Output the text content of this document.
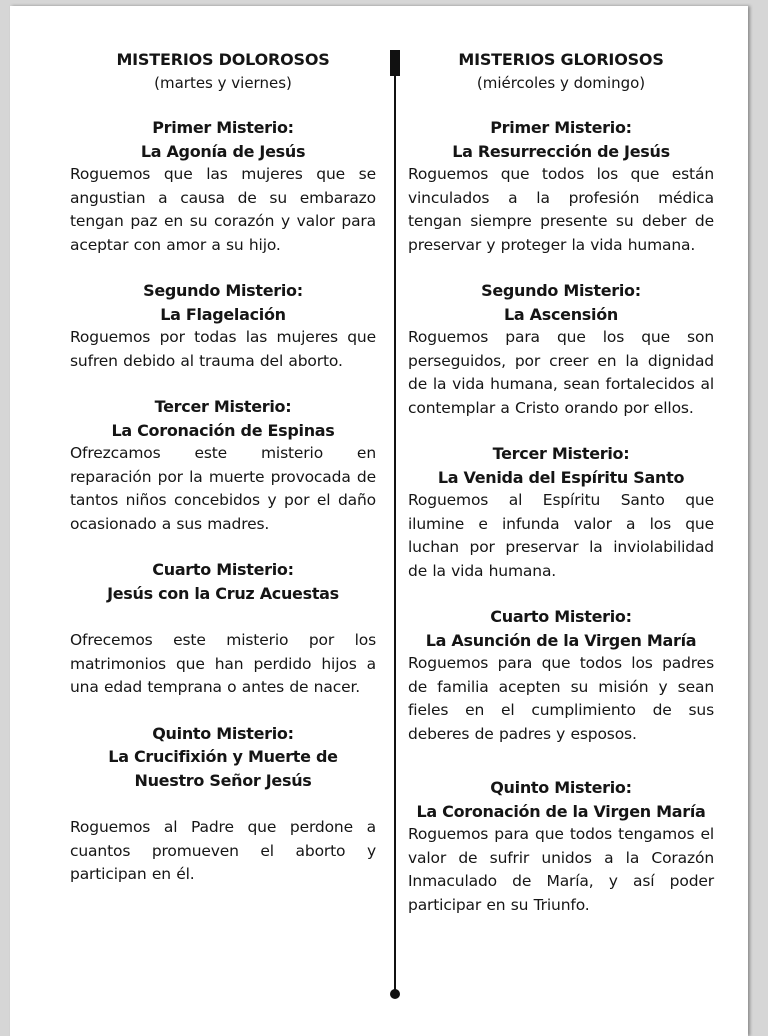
MISTERIOS DOLOROSOS
(martes y viernes)
Primer Misterio:
La Agonía de Jesús
Roguemos que las mujeres que se angustian a causa de su embarazo tengan paz en su corazón y valor para aceptar con amor a su hijo.
Segundo Misterio:
La Flagelación
Roguemos por todas las mujeres que sufren debido al trauma del aborto.
Tercer Misterio:
La Coronación de Espinas
Ofrezcamos este misterio en reparación por la muerte provocada de tantos niños concebidos y por el daño ocasionado a sus madres.
Cuarto Misterio:
Jesús con la Cruz Acuestas
Ofrecemos este misterio por los matrimonios que han perdido hijos a una edad temprana o antes de nacer.
Quinto Misterio:
La Crucifixión y Muerte de
Nuestro Señor Jesús
Roguemos al Padre que perdone a cuantos promueven el aborto y participan en él.
MISTERIOS GLORIOSOS
(miércoles y domingo)
Primer Misterio:
La Resurrección de Jesús
Roguemos que todos los que están vinculados a la profesión médica tengan siempre presente su deber de preservar y proteger la vida humana.
Segundo Misterio:
La Ascensión
Roguemos para que los que son perseguidos, por creer en la dignidad de la vida humana, sean fortalecidos al contemplar a Cristo orando por ellos.
Tercer Misterio:
La Venida del Espíritu Santo
Roguemos al Espíritu Santo que ilumine e infunda valor a los que luchan por preservar la inviolabilidad de la vida humana.
Cuarto Misterio:
La Asunción de la Virgen María
Roguemos para que todos los padres de familia acepten su misión y sean fieles en el cumplimiento de sus deberes de padres y esposos.
Quinto Misterio:
La Coronación de la Virgen María
Roguemos para que todos tengamos el valor de sufrir unidos a la Corazón Inmaculado de María, y así poder participar en su Triunfo.
